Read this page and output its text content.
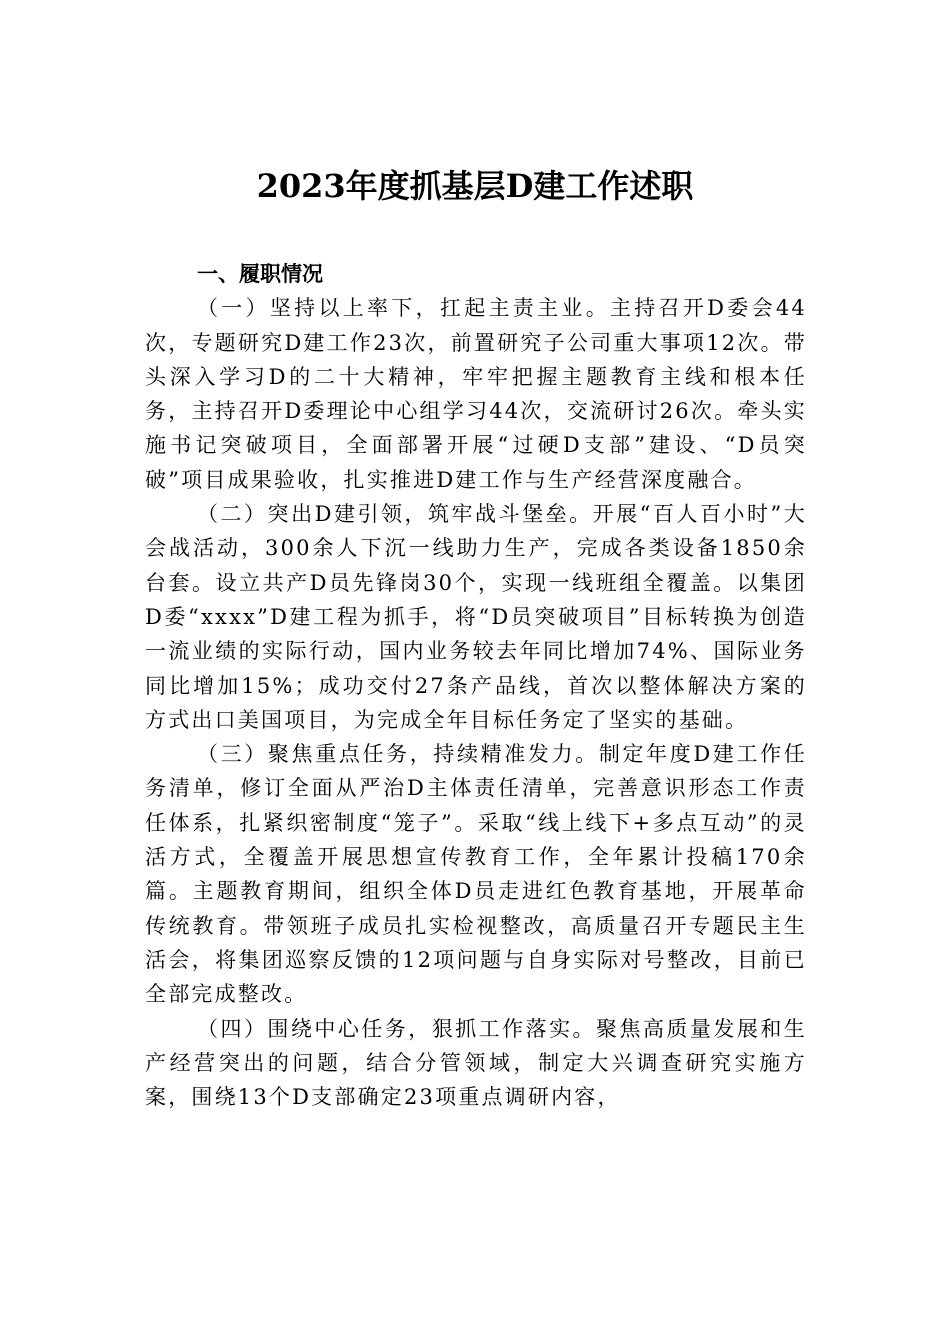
2023年度抓基层D建工作述职
一、履职情况

（一）坚持以上率下，扛起主责主业。主持召开D委会44次，专题研究D建工作23次，前置研究子公司重大事项12次。带头深入学习D的二十大精神，牢牢把握主题教育主线和根本任务，主持召开D委理论中心组学习44次，交流研讨26次。牵头实施书记突破项目，全面部署开展“过硬D支部”建设、“D员突破”项目成果验收，扎实推进D建工作与生产经营深度融合。

（二）突出D建引领，筑牢战斗堡垒。开展“百人百小时”大会战活动，300余人下沉一线助力生产，完成各类设备1850余台套。设立共产D员先锋岗30个，实现一线班组全覆盖。以集团D委“xxxx”D建工程为抓手，将“D员突破项目”目标转换为创造一流业绩的实际行动，国内业务较去年同比增加74%、国际业务同比增加15%；成功交付27条产品线，首次以整体解决方案的方式出口美国项目，为完成全年目标任务定了坚实的基础。

（三）聚焦重点任务，持续精准发力。制定年度D建工作任务清单，修订全面从严治D主体责任清单，完善意识形态工作责任体系，扎紧织密制度“笼子”。采取“线上线下+多点互动”的灵活方式，全覆盖开展思想宣传教育工作，全年累计投稿170余篇。主题教育期间，组织全体D员走进红色教育基地，开展革命传统教育。带领班子成员扎实检视整改，高质量召开专题民主生活会，将集团巡察反馈的12项问题与自身实际对号整改，目前已全部完成整改。

（四）围绕中心任务，狠抓工作落实。聚焦高质量发展和生产经营突出的问题，结合分管领域，制定大兴调查研究实施方案，围绕13个D支部确定23项重点调研内容，
